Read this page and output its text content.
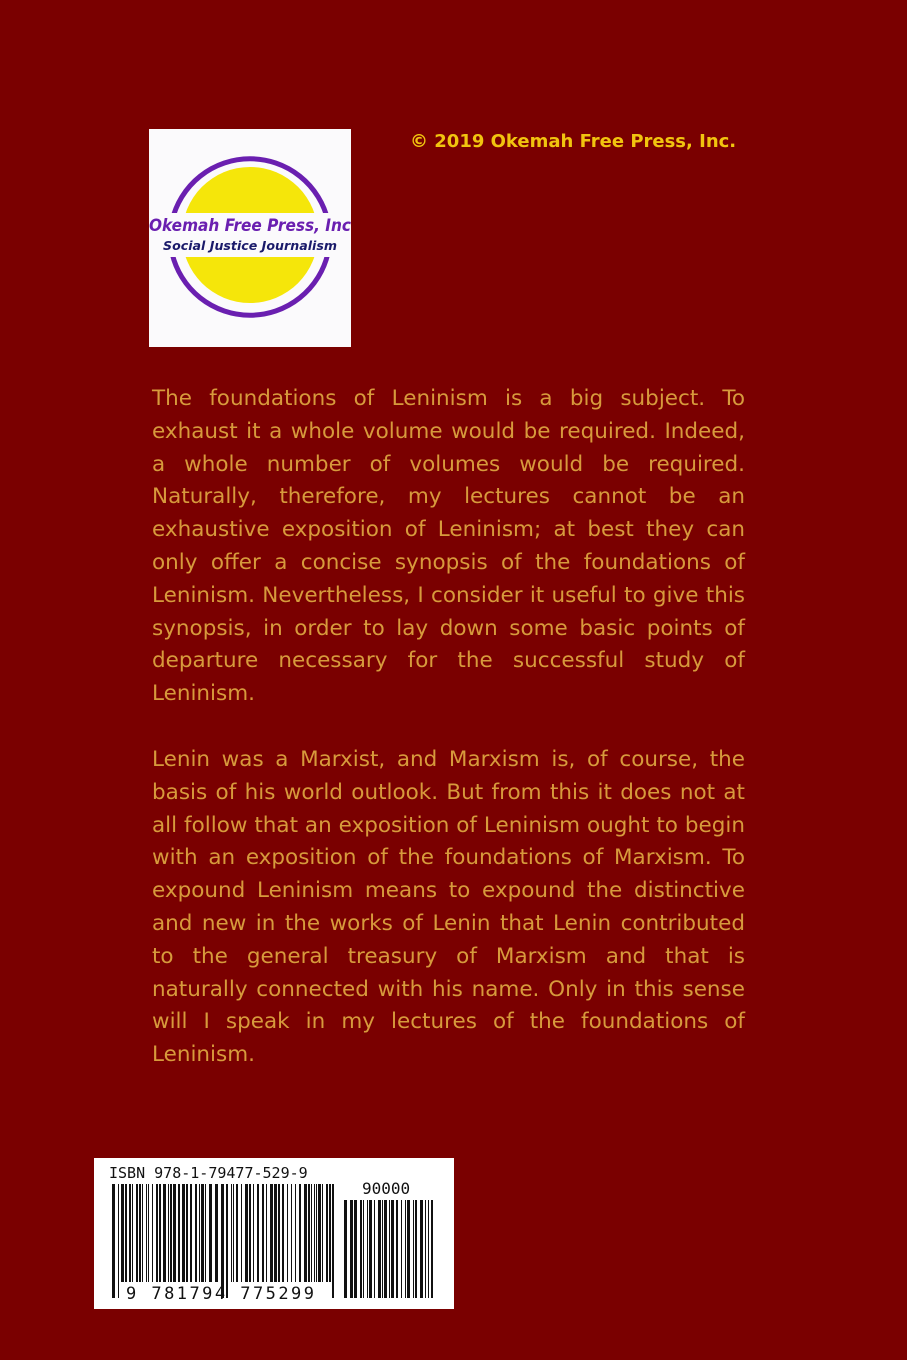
Okemah Free Press, Inc
Social Justice Journalism
© 2019 Okemah Free Press, Inc.

The foundations of Leninism is a big subject. To exhaust it a whole volume would be required. Indeed, a whole number of volumes would be required. Naturally, therefore, my lectures cannot be an exhaustive exposition of Leninism; at best they can only offer a concise synopsis of the foundations of Leninism. Nevertheless, I consider it useful to give this synopsis, in order to lay down some basic points of departure necessary for the successful study of Leninism.

Lenin was a Marxist, and Marxism is, of course, the basis of his world outlook. But from this it does not at all follow that an exposition of Leninism ought to begin with an exposition of the foundations of Marxism. To expound Leninism means to expound the distinctive and new in the works of Lenin that Lenin contributed to the general treasury of Marxism and that is naturally connected with his name. Only in this sense will I speak in my lectures of the foundations of Leninism.

ISBN 978-1-79477-529-9
90000
9 781794 775299
